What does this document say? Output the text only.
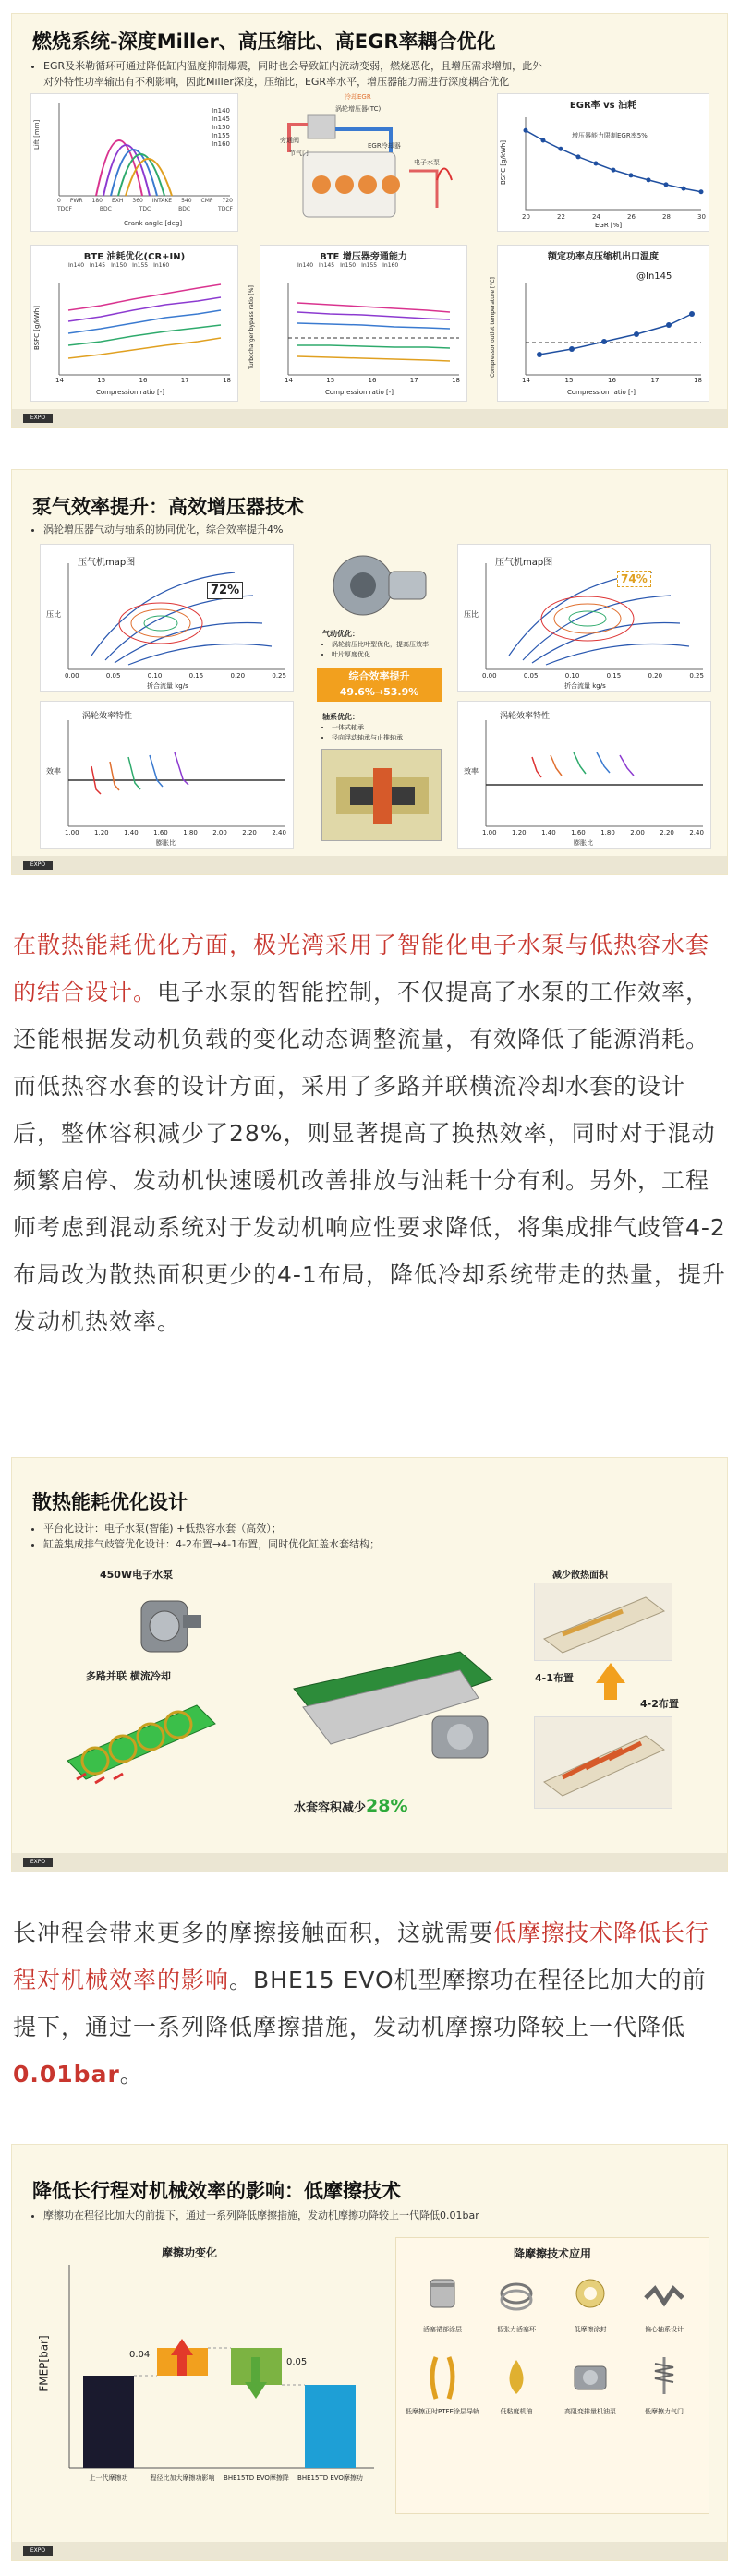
燃烧系统-深度Miller、高压缩比、高EGR率耦合优化
• EGR及米勒循环可通过降低缸内温度抑制爆震，同时也会导致缸内流动变弱，燃烧恶化，且增压需求增加，此外
对外特性功率输出有不利影响，因此Miller深度，压缩比，EGR率水平，增压器能力需进行深度耦合优化
Lift [mm]
Crank angle [deg]
In140
In145
In150
In155
In160
0 PWR 180 EXH 360 INTAKE 540 CMP 720
TDCF	BDC	TDC	BDC	TDCF
涡轮增压器(TC)
冷却EGR
旁通阀
电子水泵
节气门
EGR冷却器
EGR率 vs 油耗
20	22	24	26	28	30
增压器能力限制EGR率5%
EGR [%]
BSFC [g/kWh]
BTE 油耗优化(CR+IN)
In140 In145 In150 In155 In160
14	15	16	17	18
Compression ratio [-]
BSFC [g/kWh]
BTE 增压器旁通能力
In140 In145 In150 In155 In160
14	15	16	17	18
Compression ratio [-]
Turbocharger bypass ratio [%]
额定功率点压缩机出口温度
@In145
14	15	16	17	18
Compression ratio [-]
Compressor outlet temperature [°C]
EXPO
泵气效率提升：高效增压器技术
• 涡轮增压器气动与轴系的协同优化，综合效率提升4%
压气机map图
72%
压比
0.00	0.05	0.10	0.15	0.20	0.25
折合流量 kg/s
压气机map图
74%
压比
0.00	0.05	0.10	0.15	0.20	0.25
折合流量 kg/s
气动优化：
• 涡轮前压比叶型优化，提高压效率
• 叶片厚度优化
综合效率提升
49.6%→53.9%
轴系优化：
• 一体式轴承
• 径向浮动轴承与止推轴承
涡轮效率特性
效率
1.00 1.20 1.40 1.60 1.80 2.00 2.20 2.40
膨胀比
涡轮效率特性
效率
1.00 1.20 1.40 1.60 1.80 2.00 2.20 2.40
膨胀比
EXPO
在散热能耗优化方面，极光湾采用了智能化电子水泵与低热容水套的结合设计。电子水泵的智能控制，不仅提高了水泵的工作效率，还能根据发动机负载的变化动态调整流量，有效降低了能源消耗。而低热容水套的设计方面，采用了多路并联横流冷却水套的设计后，整体容积减少了28%，则显著提高了换热效率，同时对于混动频繁启停、发动机快速暖机改善排放与油耗十分有利。另外，工程师考虑到混动系统对于发动机响应性要求降低，将集成排气歧管4-2布局改为散热面积更少的4-1布局，降低冷却系统带走的热量，提升发动机热效率。
散热能耗优化设计
• 平台化设计：电子水泵(智能) +低热容水套（高效）；
• 缸盖集成排气歧管优化设计：4-2布置→4-1布置，同时优化缸盖水套结构；
450W电子水泵
多路并联 横流冷却
水套容积减少28%
减少散热面积
4-1布置
4-2布置
EXPO
长冲程会带来更多的摩擦接触面积，这就需要低摩擦技术降低长行程对机械效率的影响。BHE15 EVO机型摩擦功在程径比加大的前提下，通过一系列降低摩擦措施，发动机摩擦功降较上一代降低0.01bar。
降低长行程对机械效率的影响：低摩擦技术
• 摩擦功在程径比加大的前提下，通过一系列降低摩擦措施，发动机摩擦功降较上一代降低0.01bar
摩擦功变化
FMEP[bar]	0.04
0.05
上一代摩擦功	程径比加大摩擦功影响	BHE15TD EVO摩擦降	BHE15TD EVO摩擦功
降摩擦技术应用
活塞裙部涂层	低张力活塞环	低摩擦涂封	偏心轴系设计
低摩擦正时PTFE涂层导轨	低粘度机油	高阻变排量机油泵	低摩擦力气门
EXPO
